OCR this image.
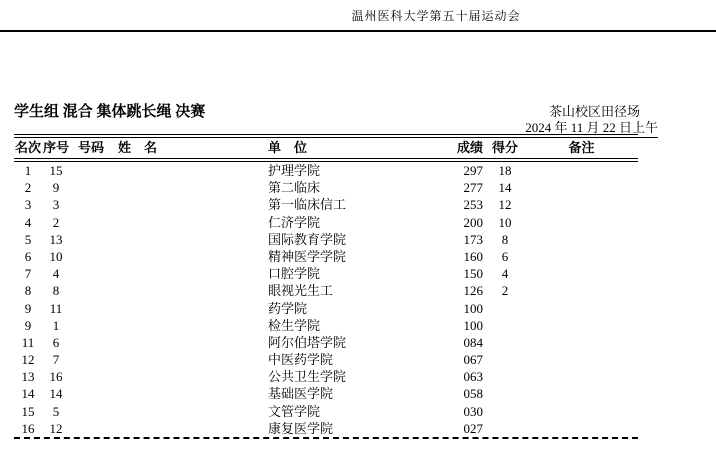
温州医科大学第五十届运动会
学生组 混合 集体跳长绳 决赛	茶山校区田径场
2024 年 11 月 22 日上午
名次 序号 号码	姓　名	单　位	成绩 得分	备注
1	15	护理学院	297	18
2	9	第二临床	277	14
3	3	第一临床信工	253	12
4	2	仁济学院	200	10
5	13	国际教育学院	173	8
6	10	精神医学学院	160	6
7	4	口腔学院	150	4
8	8	眼视光生工	126	2
9	11	药学院	100
9	1	检生学院	100
11	6	阿尔伯塔学院	084
12	7	中医药学院	067
13	16	公共卫生学院	063
14	14	基础医学院	058
15	5	文管学院	030
16	12	康复医学院	027
